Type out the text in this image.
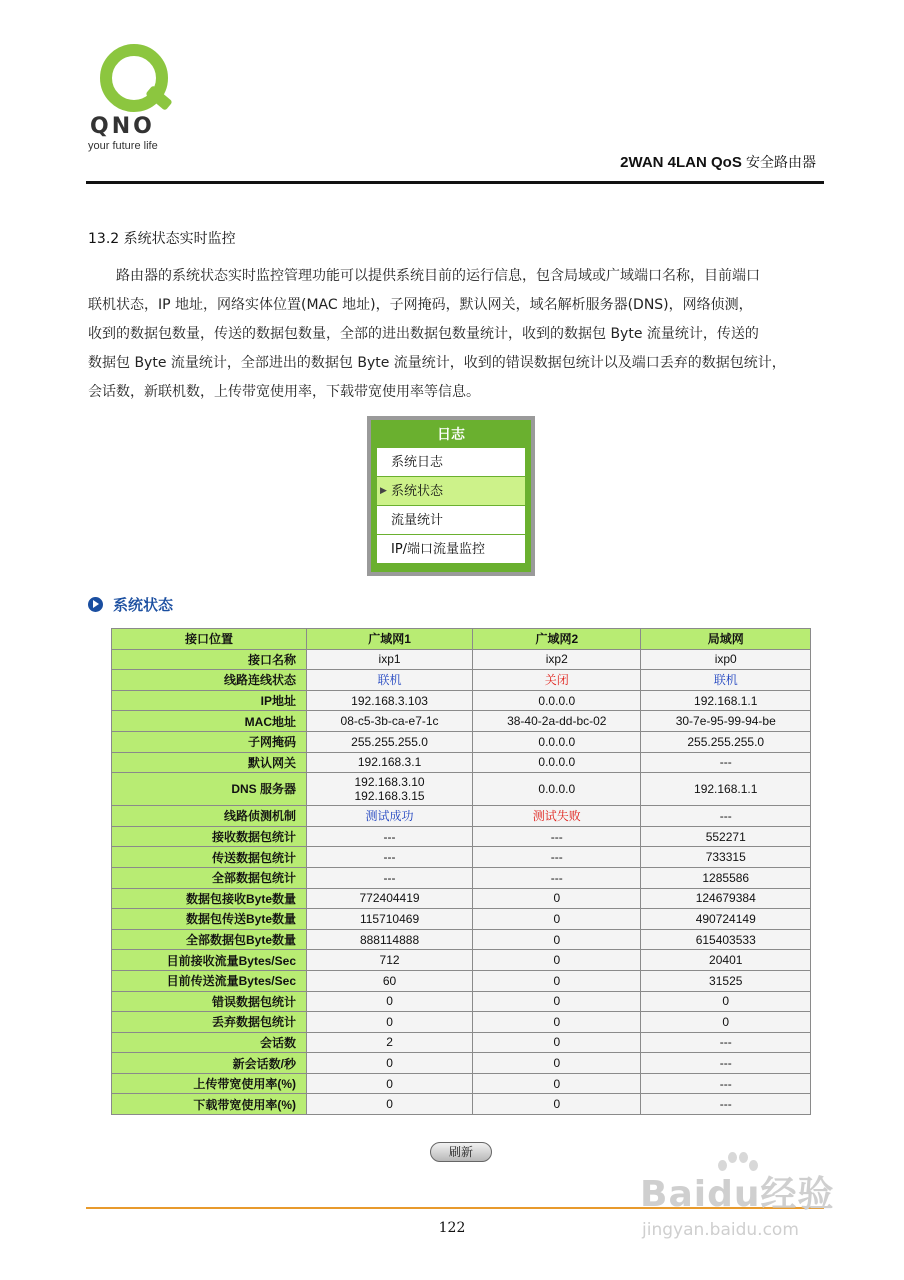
QNO
your future life
2WAN 4LAN QoS 安全路由器
13.2 系统状态实时监控
路由器的系统状态实时监控管理功能可以提供系统目前的运行信息，包含局域或广域端口名称，目前端口
联机状态，IP 地址，网络实体位置(MAC 地址)，子网掩码，默认网关，域名解析服务器(DNS)，网络侦测，
收到的数据包数量，传送的数据包数量，全部的进出数据包数量统计，收到的数据包 Byte 流量统计，传送的
数据包 Byte 流量统计，全部进出的数据包 Byte 流量统计，收到的错误数据包统计以及端口丢弃的数据包统计，
会话数，新联机数，上传带宽使用率，下载带宽使用率等信息。
日志
系统日志
▶ 系统状态
流量统计
IP/端口流量监控
系统状态
接口位置	广域网1	广域网2	局域网
接口名称	ixp1	ixp2	ixp0
线路连线状态	联机	关闭	联机
IP地址	192.168.3.103	0.0.0.0	192.168.1.1
MAC地址	08-c5-3b-ca-e7-1c	38-40-2a-dd-bc-02	30-7e-95-99-94-be
子网掩码	255.255.255.0	0.0.0.0	255.255.255.0
默认网关	192.168.3.1	0.0.0.0	---
DNS 服务器	192.168.3.10
192.168.3.15	0.0.0.0	192.168.1.1
线路侦测机制	测试成功	测试失败	---
接收数据包统计	---	---	552271
传送数据包统计	---	---	733315
全部数据包统计	---	---	1285586
数据包接收Byte数量	772404419	0	124679384
数据包传送Byte数量	115710469	0	490724149
全部数据包Byte数量	888114888	0	615403533
目前接收流量Bytes/Sec	712	0	20401
目前传送流量Bytes/Sec	60	0	31525
错误数据包统计	0	0	0
丢弃数据包统计	0	0	0
会话数	2	0	---
新会话数/秒	0	0	---
上传带宽使用率(%)	0	0	---
下载带宽使用率(%)	0	0	---
刷新
122
Baidu经验
jingyan.baidu.com
